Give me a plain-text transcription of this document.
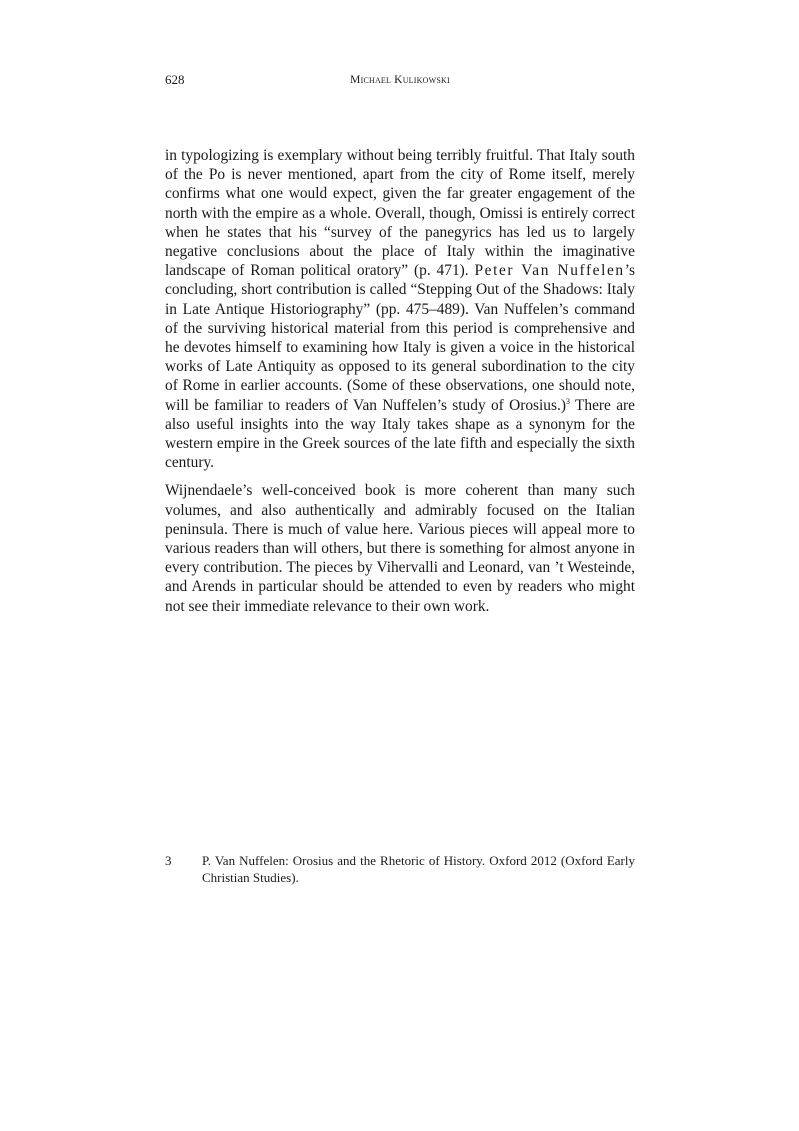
628	Michael Kulikowski

in typologizing is exemplary without being terribly fruitful. That Italy south of the Po is never mentioned, apart from the city of Rome itself, merely confirms what one would expect, given the far greater engagement of the north with the empire as a whole. Overall, though, Omissi is entirely correct when he states that his “survey of the panegyrics has led us to largely negative conclusions about the place of Italy within the imaginative landscape of Roman political oratory” (p. 471). Peter Van Nuffelen’s concluding, short contribution is called “Stepping Out of the Shadows: Italy in Late Antique Historiography” (pp. 475–489). Van Nuffelen’s command of the surviving historical material from this period is comprehensive and he devotes himself to examining how Italy is given a voice in the historical works of Late Antiquity as opposed to its general subordination to the city of Rome in earlier accounts. (Some of these observations, one should note, will be familiar to readers of Van Nuffelen’s study of Orosius.)$^3$ There are also useful insights into the way Italy takes shape as a synonym for the western empire in the Greek sources of the late fifth and especially the sixth century.

Wijnendaele’s well-conceived book is more coherent than many such volumes, and also authentically and admirably focused on the Italian peninsula. There is much of value here. Various pieces will appeal more to various readers than will others, but there is something for almost anyone in every contribution. The pieces by Vihervalli and Leonard, van ’t Westeinde, and Arends in particular should be attended to even by readers who might not see their immediate relevance to their own work.

3 P. Van Nuffelen: Orosius and the Rhetoric of History. Oxford 2012 (Oxford Early Christian Studies).
